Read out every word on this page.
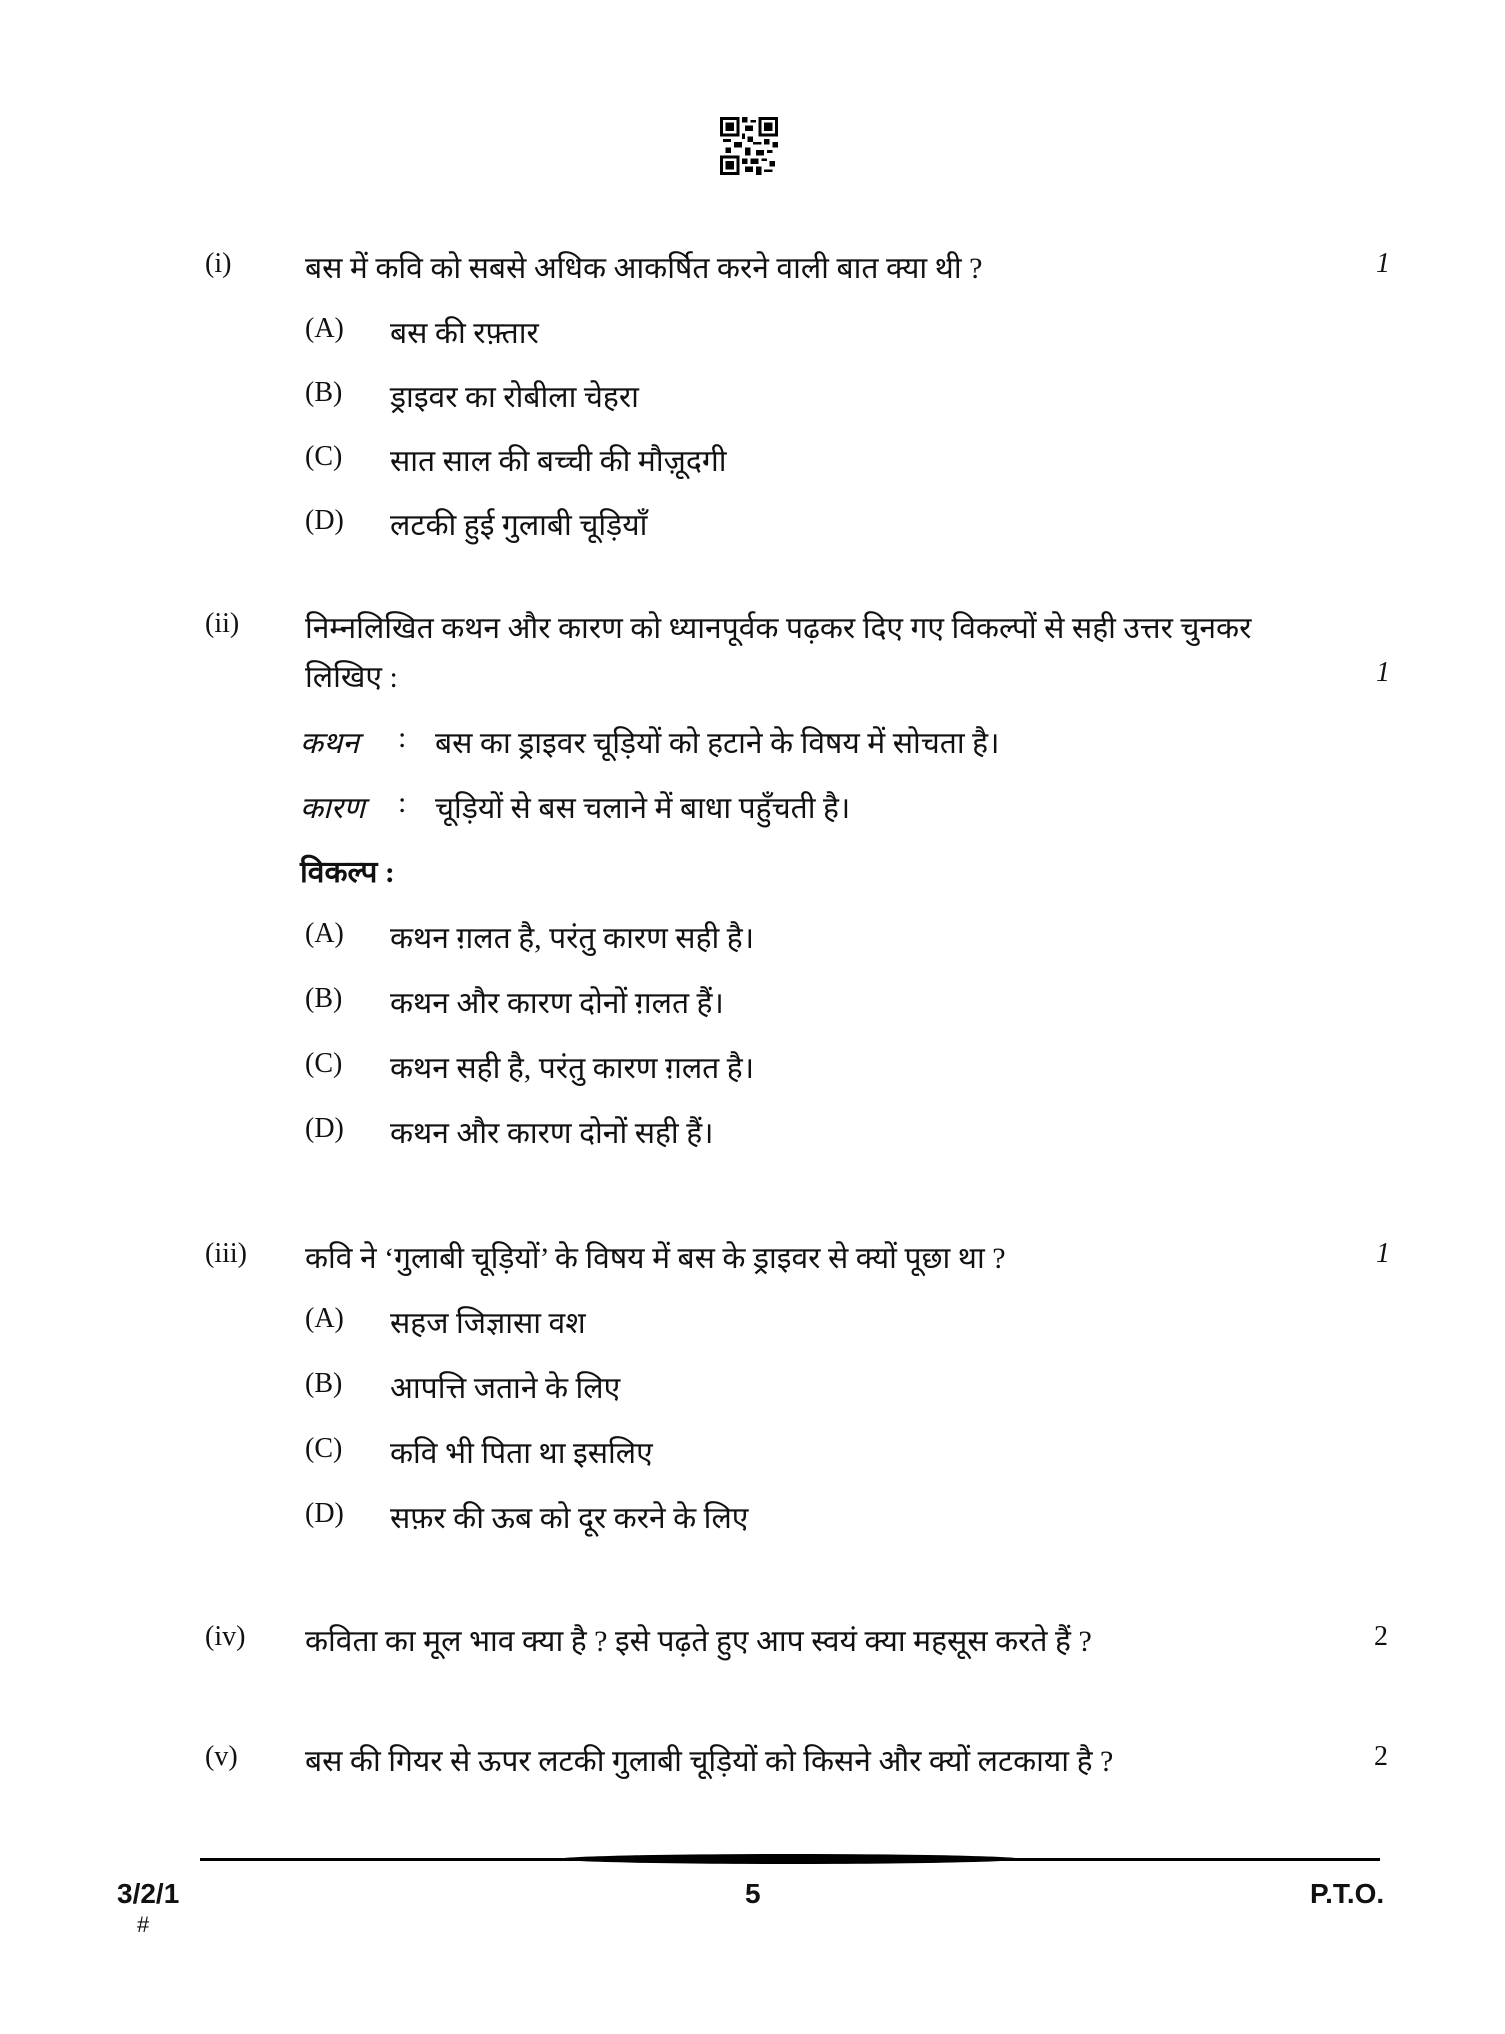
(i) बस में कवि को सबसे अधिक आकर्षित करने वाली बात क्या थी ?	1
(A) बस की रफ़्तार
(B) ड्राइवर का रोबीला चेहरा
(C) सात साल की बच्ची की मौज़ूदगी
(D) लटकी हुई गुलाबी चूड़ियाँ
(ii) निम्नलिखित कथन और कारण को ध्यानपूर्वक पढ़कर दिए गए विकल्पों से सही उत्तर चुनकर
लिखिए :	1
कथन : बस का ड्राइवर चूड़ियों को हटाने के विषय में सोचता है।
कारण : चूड़ियों से बस चलाने में बाधा पहुँचती है।
विकल्प :
(A) कथन ग़लत है, परंतु कारण सही है।
(B) कथन और कारण दोनों ग़लत हैं।
(C) कथन सही है, परंतु कारण ग़लत है।
(D) कथन और कारण दोनों सही हैं।
(iii) कवि ने ‘गुलाबी चूड़ियों’ के विषय में बस के ड्राइवर से क्यों पूछा था ?	1
(A) सहज जिज्ञासा वश
(B) आपत्ति जताने के लिए
(C) कवि भी पिता था इसलिए
(D) सफ़र की ऊब को दूर करने के लिए
(iv) कविता का मूल भाव क्या है ? इसे पढ़ते हुए आप स्वयं क्या महसूस करते हैं ?	2
(v) बस की गियर से ऊपर लटकी गुलाबी चूड़ियों को किसने और क्यों लटकाया है ?	2
3/2/1
#
5	P.T.O.
